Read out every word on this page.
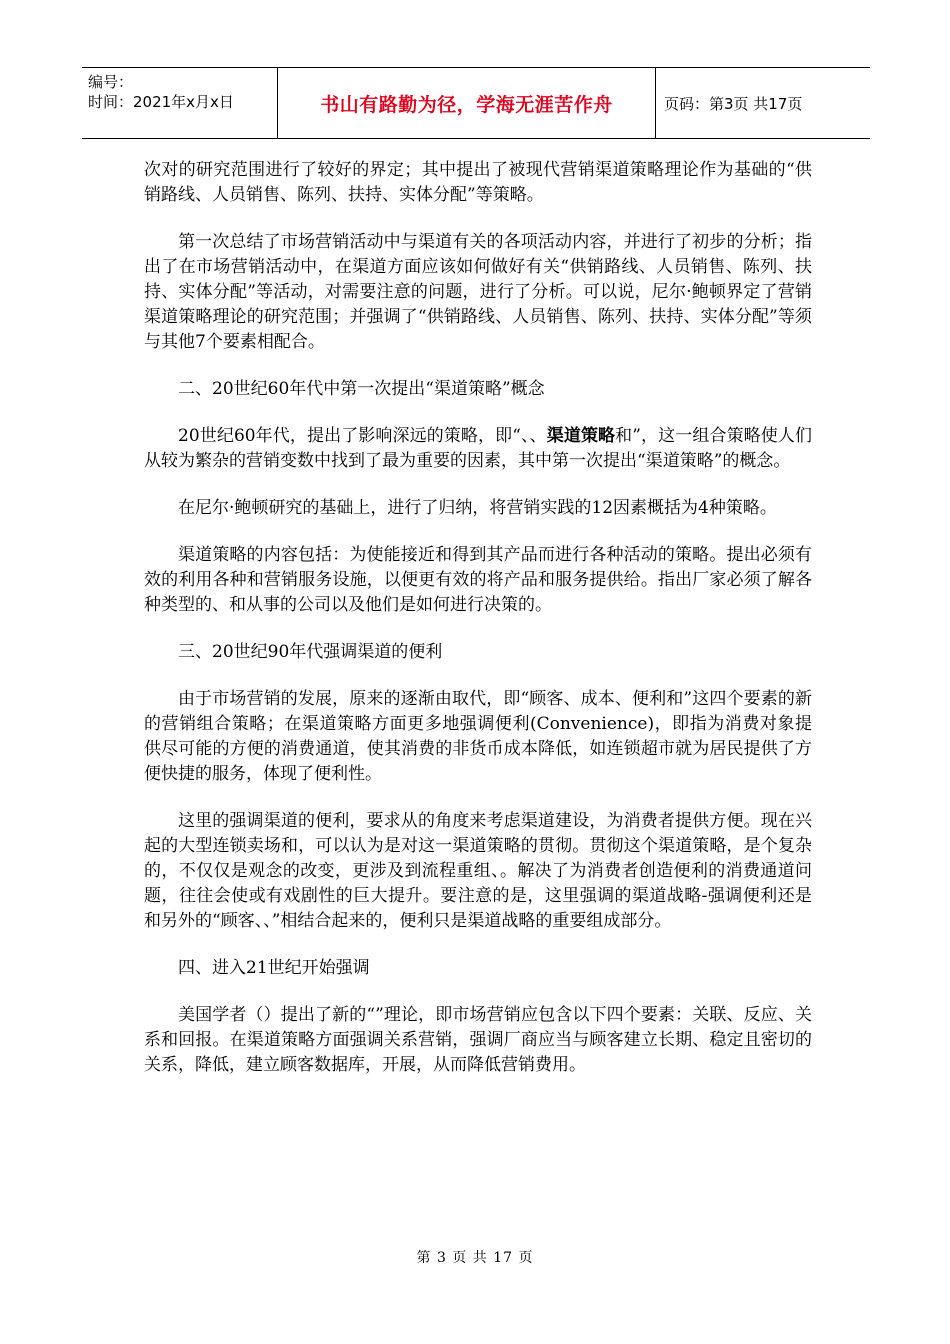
编号：
时间：2021年x月x日	书山有路勤为径，学海无涯苦作舟	页码：第3页 共17页

次对的研究范围进行了较好的界定；其中提出了被现代营销渠道策略理论作为基础的“供销路线、人员销售、陈列、扶持、实体分配”等策略。

第一次总结了市场营销活动中与渠道有关的各项活动内容，并进行了初步的分析；指出了在市场营销活动中，在渠道方面应该如何做好有关“供销路线、人员销售、陈列、扶持、实体分配”等活动，对需要注意的问题，进行了分析。可以说，尼尔·鲍顿界定了营销渠道策略理论的研究范围；并强调了“供销路线、人员销售、陈列、扶持、实体分配”等须与其他7个要素相配合。

二、20世纪60年代中第一次提出“渠道策略”概念

20世纪60年代，提出了影响深远的策略，即“、、渠道策略和”，这一组合策略使人们从较为繁杂的营销变数中找到了最为重要的因素，其中第一次提出“渠道策略”的概念。

在尼尔·鲍顿研究的基础上，进行了归纳，将营销实践的12因素概括为4种策略。

渠道策略的内容包括：为使能接近和得到其产品而进行各种活动的策略。提出必须有效的利用各种和营销服务设施，以便更有效的将产品和服务提供给。指出厂家必须了解各种类型的、和从事的公司以及他们是如何进行决策的。

三、20世纪90年代强调渠道的便利

由于市场营销的发展，原来的逐渐由取代，即“顾客、成本、便利和”这四个要素的新的营销组合策略；在渠道策略方面更多地强调便利(Convenience)，即指为消费对象提供尽可能的方便的消费通道，使其消费的非货币成本降低，如连锁超市就为居民提供了方便快捷的服务，体现了便利性。

这里的强调渠道的便利，要求从的角度来考虑渠道建设，为消费者提供方便。现在兴起的大型连锁卖场和，可以认为是对这一渠道策略的贯彻。贯彻这个渠道策略，是个复杂的，不仅仅是观念的改变，更涉及到流程重组、。解决了为消费者创造便利的消费通道问题，往往会使或有戏剧性的巨大提升。要注意的是，这里强调的渠道战略-强调便利还是和另外的“顾客、、”相结合起来的，便利只是渠道战略的重要组成部分。

四、进入21世纪开始强调

美国学者（）提出了新的“”理论，即市场营销应包含以下四个要素：关联、反应、关系和回报。在渠道策略方面强调关系营销，强调厂商应当与顾客建立长期、稳定且密切的关系，降低，建立顾客数据库，开展，从而降低营销费用。

第 3 页 共 17 页
